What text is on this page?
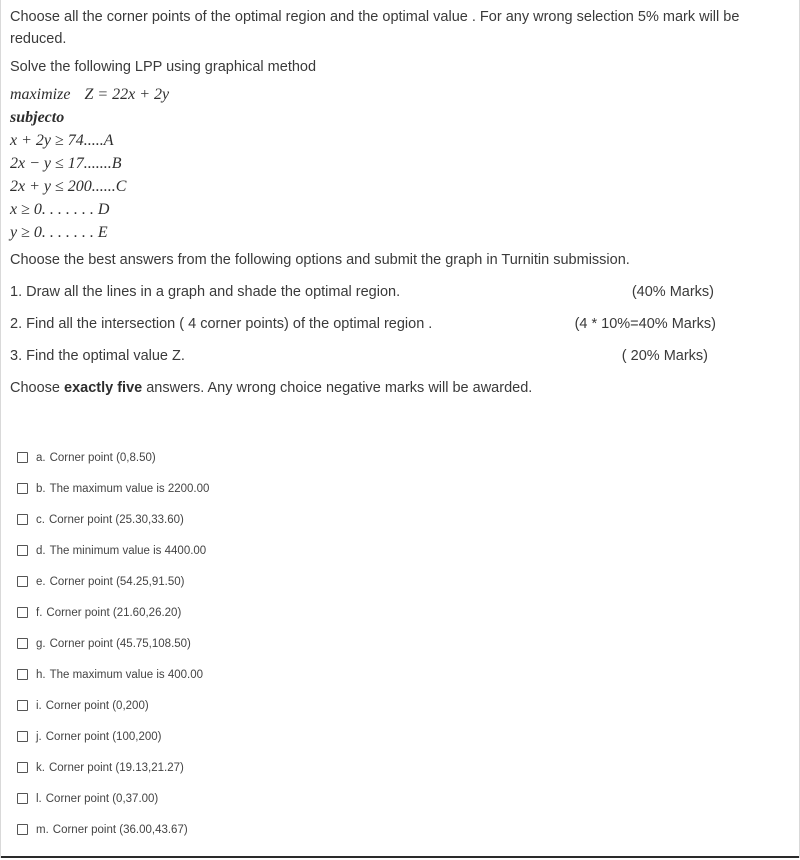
Choose all the corner points of the optimal region and the optimal value . For any wrong selection 5% mark will be reduced.

Solve the following LPP using graphical method

maximize Z = 22x + 2y
subjecto
x + 2y ≥ 74.....A
2x − y ≤ 17.......B
2x + y ≤ 200......C
x ≥ 0. . . . . . . D
y ≥ 0. . . . . . . E

Choose the best answers from the following options and submit the graph in Turnitin submission.

1. Draw all the lines in a graph and shade the optimal region.	(40% Marks)
2. Find all the intersection ( 4 corner points) of the optimal region .	(4 * 10%=40% Marks)
3. Find the optimal value Z.	( 20% Marks)

Choose exactly five answers. Any wrong choice negative marks will be awarded.

a. Corner point (0,8.50)
b. The maximum value is 2200.00
c. Corner point (25.30,33.60)
d. The minimum value is 4400.00
e. Corner point (54.25,91.50)
f. Corner point (21.60,26.20)
g. Corner point (45.75,108.50)
h. The maximum value is 400.00
i. Corner point (0,200)
j. Corner point (100,200)
k. Corner point (19.13,21.27)
l. Corner point (0,37.00)
m. Corner point (36.00,43.67)
